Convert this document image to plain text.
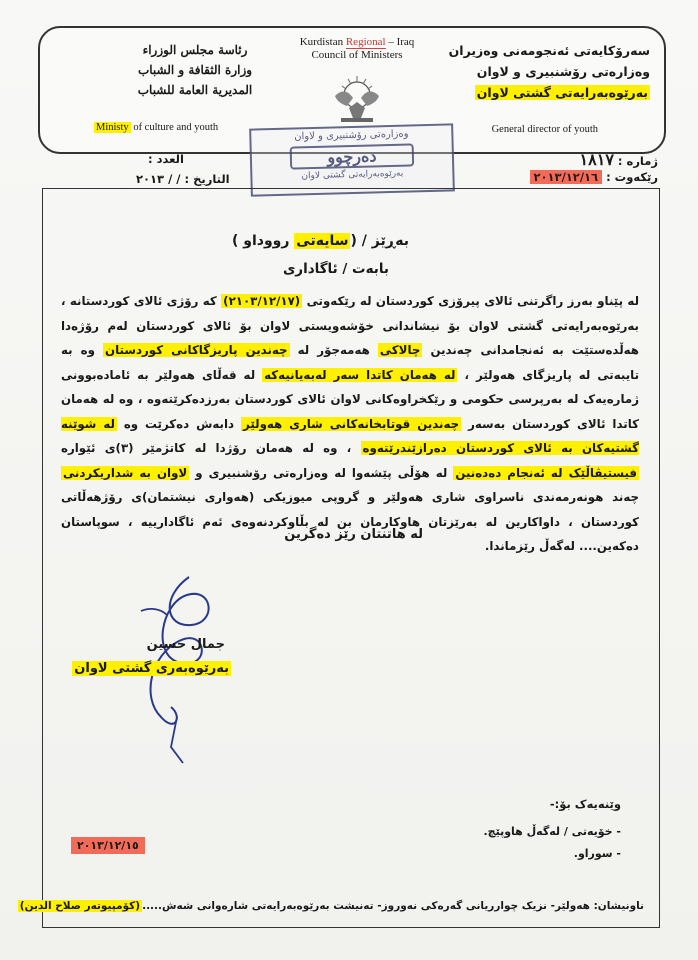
سەرۆکایەتی ئەنجومەنی وەزیران
وەزارەتی رۆشنبیری و لاوان
بەرێوەبەرایەتی گشتی لاوان
Kurdistan Regional – Iraq
Council of Ministers
رئاسة مجلس الوزراء
وزارة الثقافة و الشباب
المديرية العامة للشباب
Ministy of culture and youth	General director of youth
وەزارەتی رۆشنبیری و لاوان
دەرچوو
بەرێوەبەرایەتی گشتی لاوان
ژمارە : ١٨١٧
رێکەوت : ٢٠١٣/١٢/١٦
العدد :
التاريخ : / / ٢٠١٣
بەڕێز / (سایەتی رووداو )
بابەت / ئاگاداری
لە پێناو بەرز راگرتنی ئالای پیرۆزی کوردستان لە رێکەوتی (٢١٠٣/١٢/١٧) کە رۆژی ئالای کوردستانە ، بەرێوەبەرایەتی گشتی لاوان بۆ نیشاندانی خۆشەویستی لاوان بۆ ئالای کوردستان لەم رۆژەدا هەڵدەستێت بە ئەنجامدانی چەندین چالاکی هەمەجۆر لە چەندین پاریزگاکانی کوردستان وە بە تایبەتی لە پاریزگای هەولێر ، لە هەمان کاتدا سەر لەبەیانیەکە لە قەڵای هەولێر بە ئامادەبوونی ژمارەیەک لە بەرپرسی حکومی و رێکخراوەکانی لاوان ئالای کوردستان بەرزدەکرێتەوە ، وە لە هەمان کاتدا ئالای کوردستان بەسەر چەندین قوتابخانەکانی شاری هەولێر دابەش دەکرێت وە لە شوێنە گشتیەکان بە ئالای کوردستان دەرازێندرێتەوە ، وە لە هەمان رۆژدا لە کاتژمێر (٣)ی ئێوارە فیستیڤاڵێک لە ئەنجام دەدەنین لە هۆڵی پێشەوا لە وەزارەتی رۆشنبیری و لاوان بە شداریکردنی چەند هونەرمەندی ناسراوی شاری هەولێر و گروپی میوزیکی (هەواری نیشتمان)ی رۆژهەڵاتی کوردستان ، داواکارین لە بەرێزتان هاوکارمان بن لە بڵاوکردنەوەی ئەم ئاگادارییە ، سوپاستان دەکەین.... لەگەڵ رێزماندا.
لە هاتنتان رێز دەگرین
جمال حسین
بەرێوەبەری گشتی لاوان
وێنەیەک بۆ:-
- خۆیەتی / لەگەڵ هاوپێچ.
- سوراو.
٢٠١٣/١٢/١٥
ناونیشان: هەولێر- نزیک چوارریانی گەرەکی نەوروز- تەنیشت بەرێوەبەرایەتی شارەوانی شەش.....(کۆمپیوتەر صلاح الدین)
